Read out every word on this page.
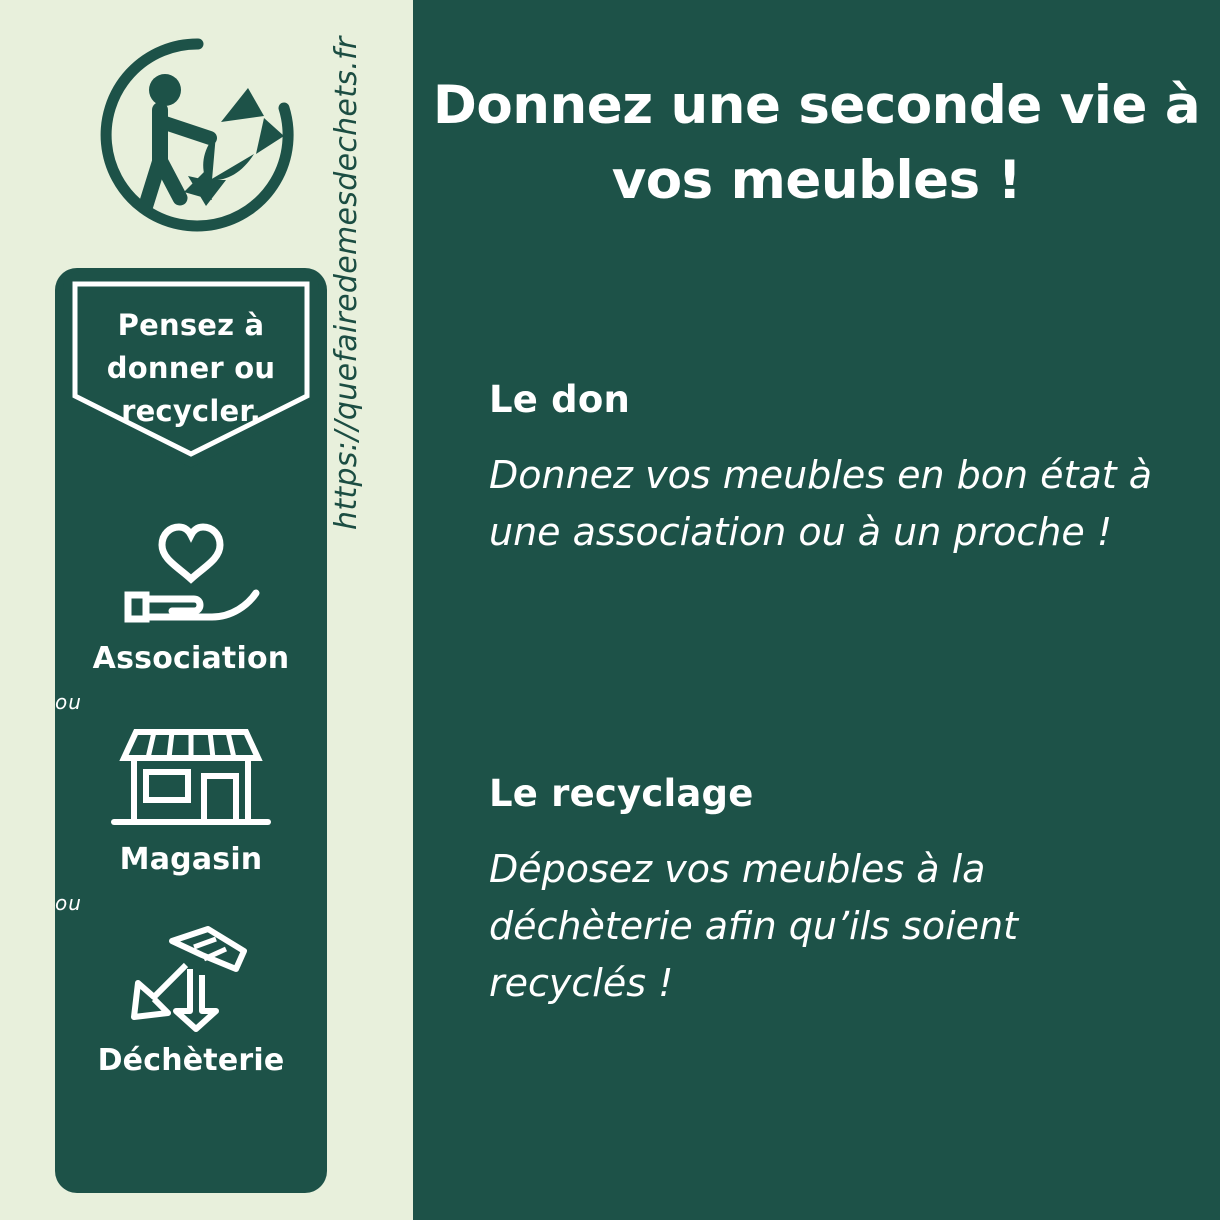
https://quefairedemesdechets.fr
Pensez à
donner ou
recycler.
Association
ou
Magasin
ou
Déchèterie
Donnez une seconde vie à vos meubles !
Le don
Donnez vos meubles en bon état à une association ou à un proche !
Le recyclage
Déposez vos meubles à la déchèterie afin qu’ils soient recyclés !
